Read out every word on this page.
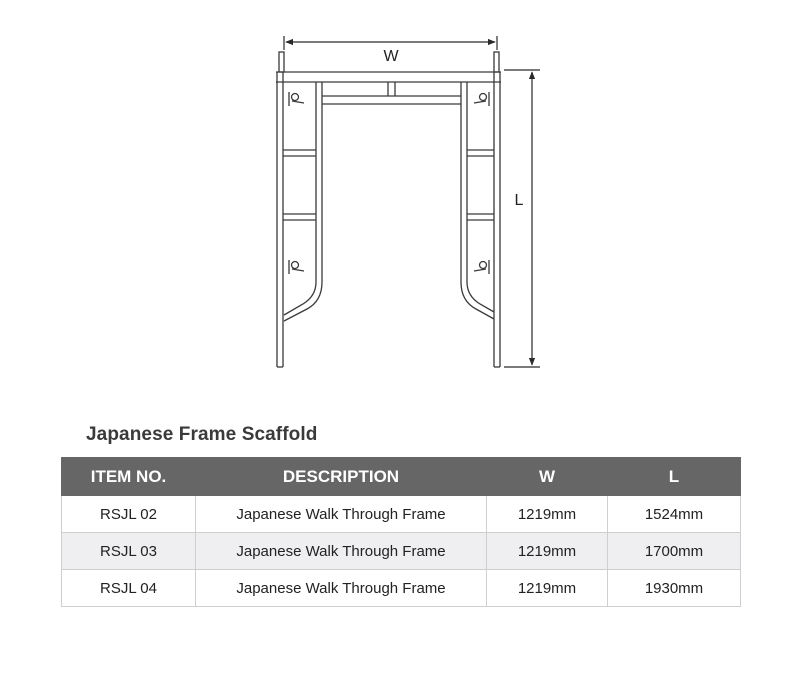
W
L
Japanese Frame Scaffold
ITEM NO.	DESCRIPTION	W	L
RSJL 02	Japanese Walk Through Frame	1219mm	1524mm
RSJL 03	Japanese Walk Through Frame	1219mm	1700mm
RSJL 04	Japanese Walk Through Frame	1219mm	1930mm
